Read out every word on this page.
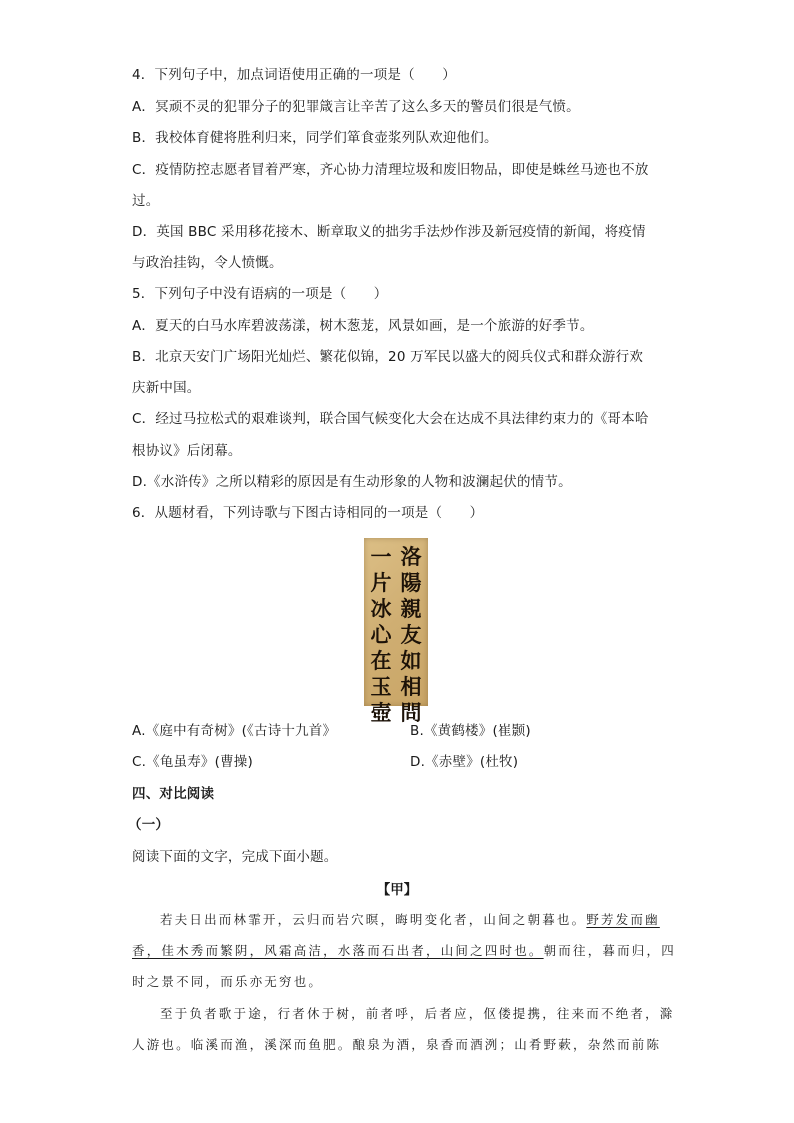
4．下列句子中，加点词语使用正确的一项是（　　）
A．冥顽不灵的犯罪分子的犯罪箴言让辛苦了这么多天的警员们很是气愤。
B．我校体育健将胜利归来，同学们箪食壶浆列队欢迎他们。
C．疫情防控志愿者冒着严寒，齐心协力清理垃圾和废旧物品，即使是蛛丝马迹也不放
过。
D．英国 BBC 采用移花接木、断章取义的拙劣手法炒作涉及新冠疫情的新闻，将疫情
与政治挂钩，令人愤慨。
5．下列句子中没有语病的一项是（　　）
A．夏天的白马水库碧波荡漾，树木葱茏，风景如画，是一个旅游的好季节。
B．北京天安门广场阳光灿烂、繁花似锦，20 万军民以盛大的阅兵仪式和群众游行欢
庆新中国。
C．经过马拉松式的艰难谈判，联合国气候变化大会在达成不具法律约束力的《哥本哈
根协议》后闭幕。
D.《水浒传》之所以精彩的原因是有生动形象的人物和波澜起伏的情节。
6．从题材看，下列诗歌与下图古诗相同的一项是（　　）
洛陽親友如相問
一片冰心在玉壺
A.《庭中有奇树》(《古诗十九首》	B.《黄鹤楼》(崔颢)
C.《龟虽寿》(曹操)	D.《赤壁》(杜牧)
四、对比阅读
（一）
阅读下面的文字，完成下面小题。
【甲】
若夫日出而林霏开，云归而岩穴暝，晦明变化者，山间之朝暮也。野芳发而幽
香，佳木秀而繁阴，风霜高洁，水落而石出者，山间之四时也。朝而往，暮而归，四
时之景不同，而乐亦无穷也。
至于负者歌于途，行者休于树，前者呼，后者应，伛偻提携，往来而不绝者，滁
人游也。临溪而渔，溪深而鱼肥。酿泉为酒，泉香而酒洌；山肴野蔌，杂然而前陈
